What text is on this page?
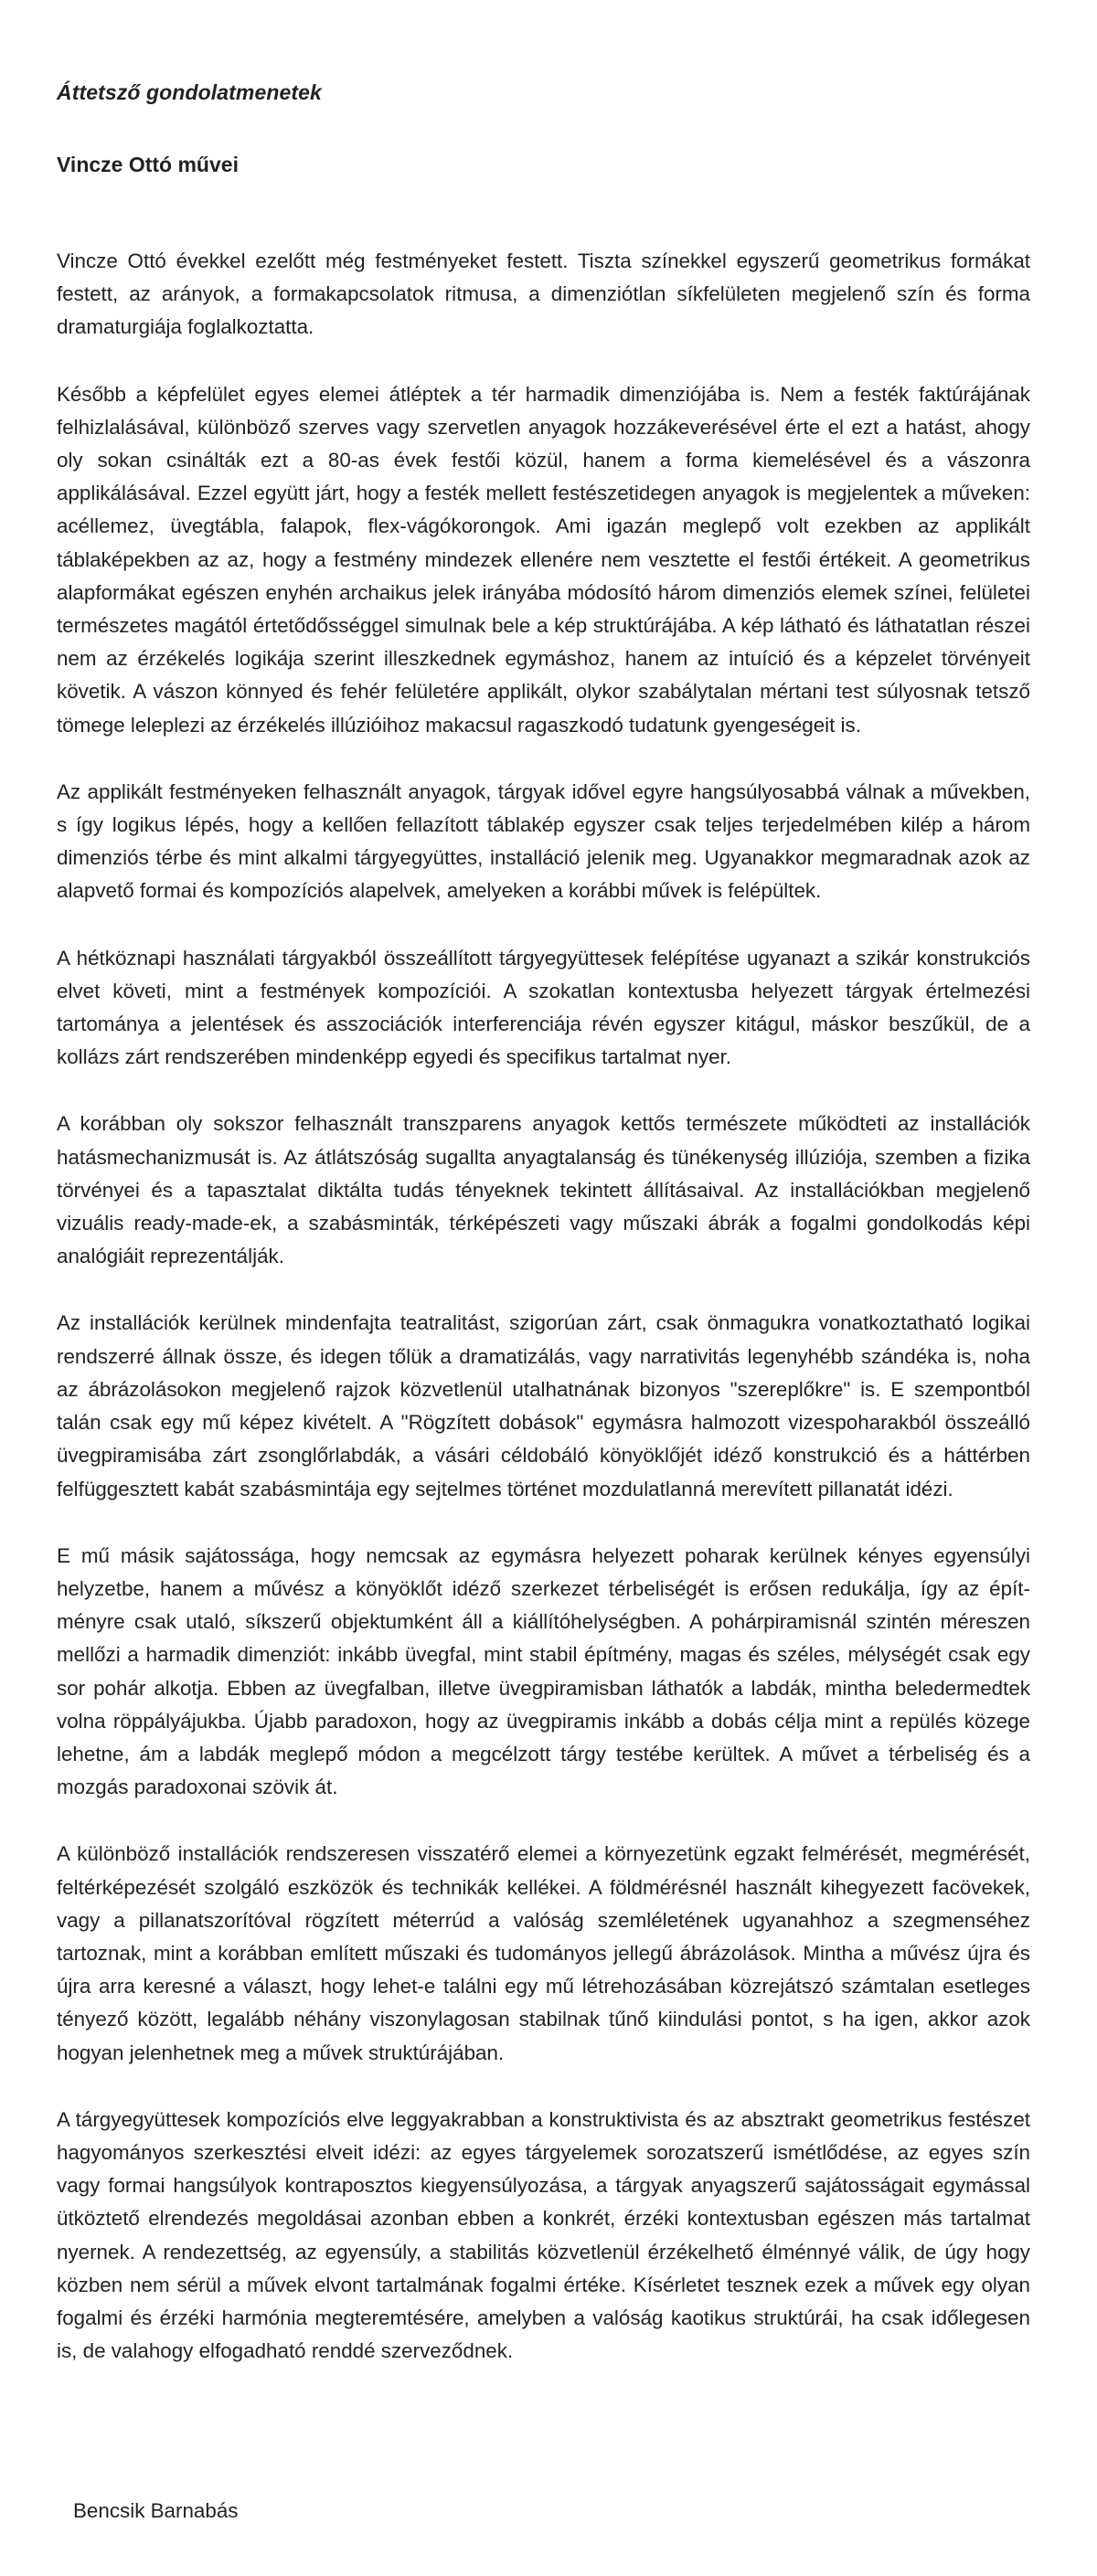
Áttetsző gondolatmenetek
Vincze Ottó művei

Vincze Ottó évekkel ezelőtt még festményeket festett. Tiszta színekkel egyszerű geometrikus formákat festett, az arányok, a formakapcsolatok ritmusa, a dimenziótlan síkfelületen megjelenő szín és forma dramaturgiája foglalkoztatta.

Később a képfelület egyes elemei átléptek a tér harmadik dimenziójába is. Nem a festék faktúrájának felhizlalásával, különböző szerves vagy szervetlen anyagok hozzákeverésével érte el ezt a hatást, ahogy oly sokan csinálták ezt a 80-as évek festői közül, hanem a forma kiemelésével és a vászonra applikálásával. Ezzel együtt járt, hogy a festék mellett festészetidegen anyagok is megjelentek a műveken: acéllemez, üvegtábla, falapok, flex-vágókorongok. Ami igazán meglepő volt ezekben az applikált táblaképekben az az, hogy a festmény mindezek ellenére nem vesztette el festői értékeit. A geometrikus alapformákat egészen enyhén archaikus jelek irányába módosító három dimenziós elemek színei, felületei természetes magától értetődősséggel simulnak bele a kép struktúrájába. A kép látható és láthatatlan részei nem az érzékelés logikája szerint illeszkednek egymáshoz, hanem az intuíció és a képzelet törvényeit követik. A vászon könnyed és fehér felületére applikált, olykor szabálytalan mértani test súlyosnak tetsző tömege leleplezi az érzékelés illúzióihoz makacsul ragaszkodó tudatunk gyengeségeit is.

Az applikált festményeken felhasznált anyagok, tárgyak idővel egyre hangsúlyosabbá válnak a művekben, s így logikus lépés, hogy a kellően fellazított táblakép egyszer csak teljes terjedelmében kilép a három dimenziós térbe és mint alkalmi tárgyegyüttes, installáció jelenik meg. Ugyanakkor megmaradnak azok az alapvető formai és kompozíciós alapelvek, amelyeken a korábbi művek is felépültek.

A hétköznapi használati tárgyakból összeállított tárgyegyüttesek felépítése ugyanazt a szikár konstrukciós elvet követi, mint a festmények kompozíciói. A szokatlan kontextusba helyezett tárgyak értelmezési tartománya a jelentések és asszociációk interferenciája révén egyszer kitágul, máskor beszűkül, de a kollázs zárt rendszerében mindenképp egyedi és specifikus tartalmat nyer.

A korábban oly sokszor felhasznált transzparens anyagok kettős természete működteti az installációk hatásmechanizmusát is. Az átlátszóság sugallta anyagtalanság és tünékenység illúziója, szemben a fizika törvényei és a tapasztalat diktálta tudás tényeknek tekintett állításaival. Az installációkban megjelenő vizuális ready-made-ek, a szabásminták, térképészeti vagy műszaki ábrák a fogalmi gondolkodás képi analógiáit reprezentálják.

Az installációk kerülnek mindenfajta teatralitást, szigorúan zárt, csak önmagukra vonatkoztatható logikai rendszerré állnak össze, és idegen tőlük a dramatizálás, vagy narrativitás legenyhébb szándéka is, noha az ábrázolásokon megjelenő rajzok közvetlenül utalhatnának bizonyos "szereplőkre" is. E szempontból talán csak egy mű képez kivételt. A "Rögzített dobások" egymásra halmozott vizespoharakból összeálló üvegpiramisába zárt zsonglőrlabdák, a vásári céldobáló könyöklőjét idéző konstrukció és a háttérben felfüggesztett kabát szabásmintája egy sejtelmes történet mozdulatlanná merevített pillanatát idézi.

E mű másik sajátossága, hogy nemcsak az egymásra helyezett poharak kerülnek kényes egyensúlyi helyzetbe, hanem a művész a könyöklőt idéző szerkezet térbeliségét is erősen redukálja, így az építményre csak utaló, síkszerű objektumként áll a kiállítóhelységben. A pohárpiramisnál szintén méreszen mellőzi a harmadik dimenziót: inkább üvegfal, mint stabil építmény, magas és széles, mélységét csak egy sor pohár alkotja. Ebben az üvegfalban, illetve üvegpiramisban láthatók a labdák, mintha beledermedtek volna röppályájukba. Újabb paradoxon, hogy az üvegpiramis inkább a dobás célja mint a repülés közege lehetne, ám a labdák meglepő módon a megcélzott tárgy testébe kerültek. A művet a térbeliség és a mozgás paradoxonai szövik át.

A különböző installációk rendszeresen visszatérő elemei a környezetünk egzakt felmérését, megmérését, feltérképezését szolgáló eszközök és technikák kellékei. A földmérésnél használt kihegyezett facövekek, vagy a pillanatszorítóval rögzített méterrúd a valóság szemléletének ugyanahhoz a szegmenséhez tartoznak, mint a korábban említett műszaki és tudományos jellegű ábrázolások. Mintha a művész újra és újra arra keresné a választ, hogy lehet-e találni egy mű létrehozásában közrejátszó számtalan esetleges tényező között, legalább néhány viszonylagosan stabilnak tűnő kiindulási pontot, s ha igen, akkor azok hogyan jelenhetnek meg a művek struktúrájában.

A tárgyegyüttesek kompozíciós elve leggyakrabban a konstruktivista és az absztrakt geometrikus festészet hagyományos szerkesztési elveit idézi: az egyes tárgyelemek sorozatszerű ismétlődése, az egyes szín vagy formai hangsúlyok kontraposztos kiegyensúlyozása, a tárgyak anyagszerű sajátosságait egymással ütköztető elrendezés megoldásai azonban ebben a konkrét, érzéki kontextusban egészen más tartalmat nyernek. A rendezettség, az egyensúly, a stabilitás közvetlenül érzékelhető élménnyé válik, de úgy hogy közben nem sérül a művek elvont tartalmának fogalmi értéke. Kísérletet tesznek ezek a művek egy olyan fogalmi és érzéki harmónia megteremtésére, amelyben a valóság kaotikus struktúrái, ha csak időlegesen is, de valahogy elfogadható renddé szerveződnek.

Bencsik Barnabás
